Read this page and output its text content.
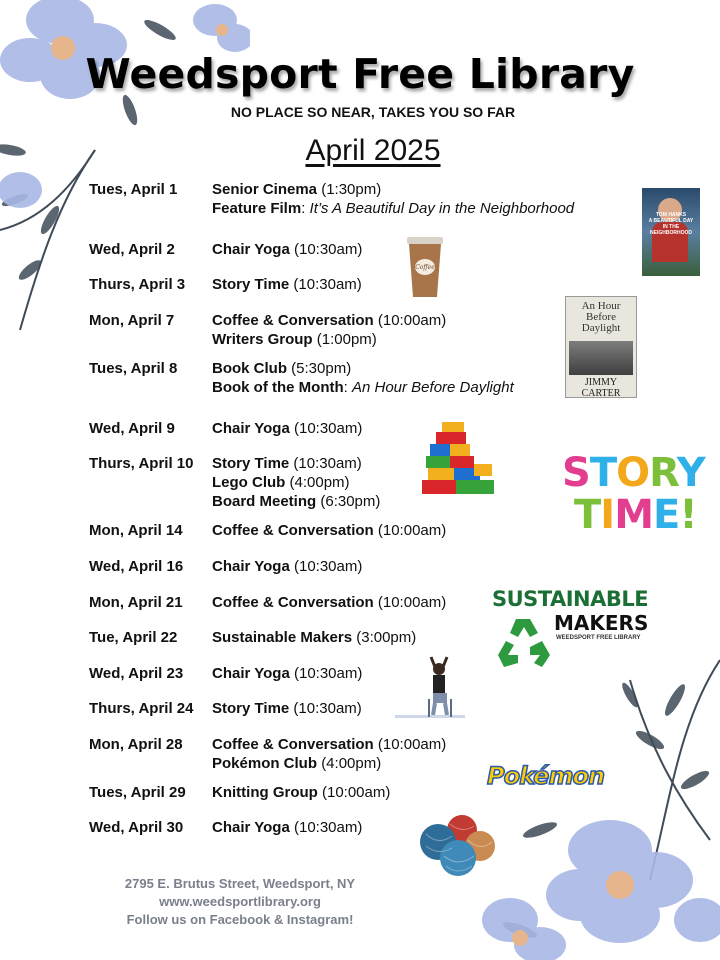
Weedsport Free Library
NO PLACE SO NEAR, TAKES YOU SO FAR
April 2025
Tues, April 1 Senior Cinema (1:30pm)
Feature Film: It’s A Beautiful Day in the Neighborhood
Wed, April 2 Chair Yoga (10:30am)
Thurs, April 3 Story Time (10:30am)
Mon, April 7	Coffee & Conversation (10:00am)
Writers Group (1:00pm)
Tues, April 8 Book Club (5:30pm)
Book of the Month: An Hour Before Daylight
Wed, April 9 Chair Yoga (10:30am)
Thurs, April 10 Story Time (10:30am)
Lego Club (4:00pm)
Board Meeting (6:30pm)
Mon, April 14 Coffee & Conversation (10:00am)
Wed, April 16 Chair Yoga (10:30am)
Mon, April 21 Coffee & Conversation (10:00am)
Tue, April 22 Sustainable Makers (3:00pm)
Wed, April 23 Chair Yoga (10:30am)
Thurs, April 24 Story Time (10:30am)
Mon, April 28 Coffee & Conversation (10:00am)
Pokémon Club (4:00pm)
Tues, April 29 Knitting Group (10:00am)
Wed, April 30 Chair Yoga (10:30am)
TOM HANKS
A BEAUTIFUL DAY
IN THE NEIGHBORHOOD
Coffee
An Hour Before Daylight
JIMMY CARTER
STORY
TIME!
SUSTAINABLE
MAKERS
WEEDSPORT FREE LIBRARY
Pokémon
2795 E. Brutus Street, Weedsport, NY
www.weedsportlibrary.org
Follow us on Facebook & Instagram!
